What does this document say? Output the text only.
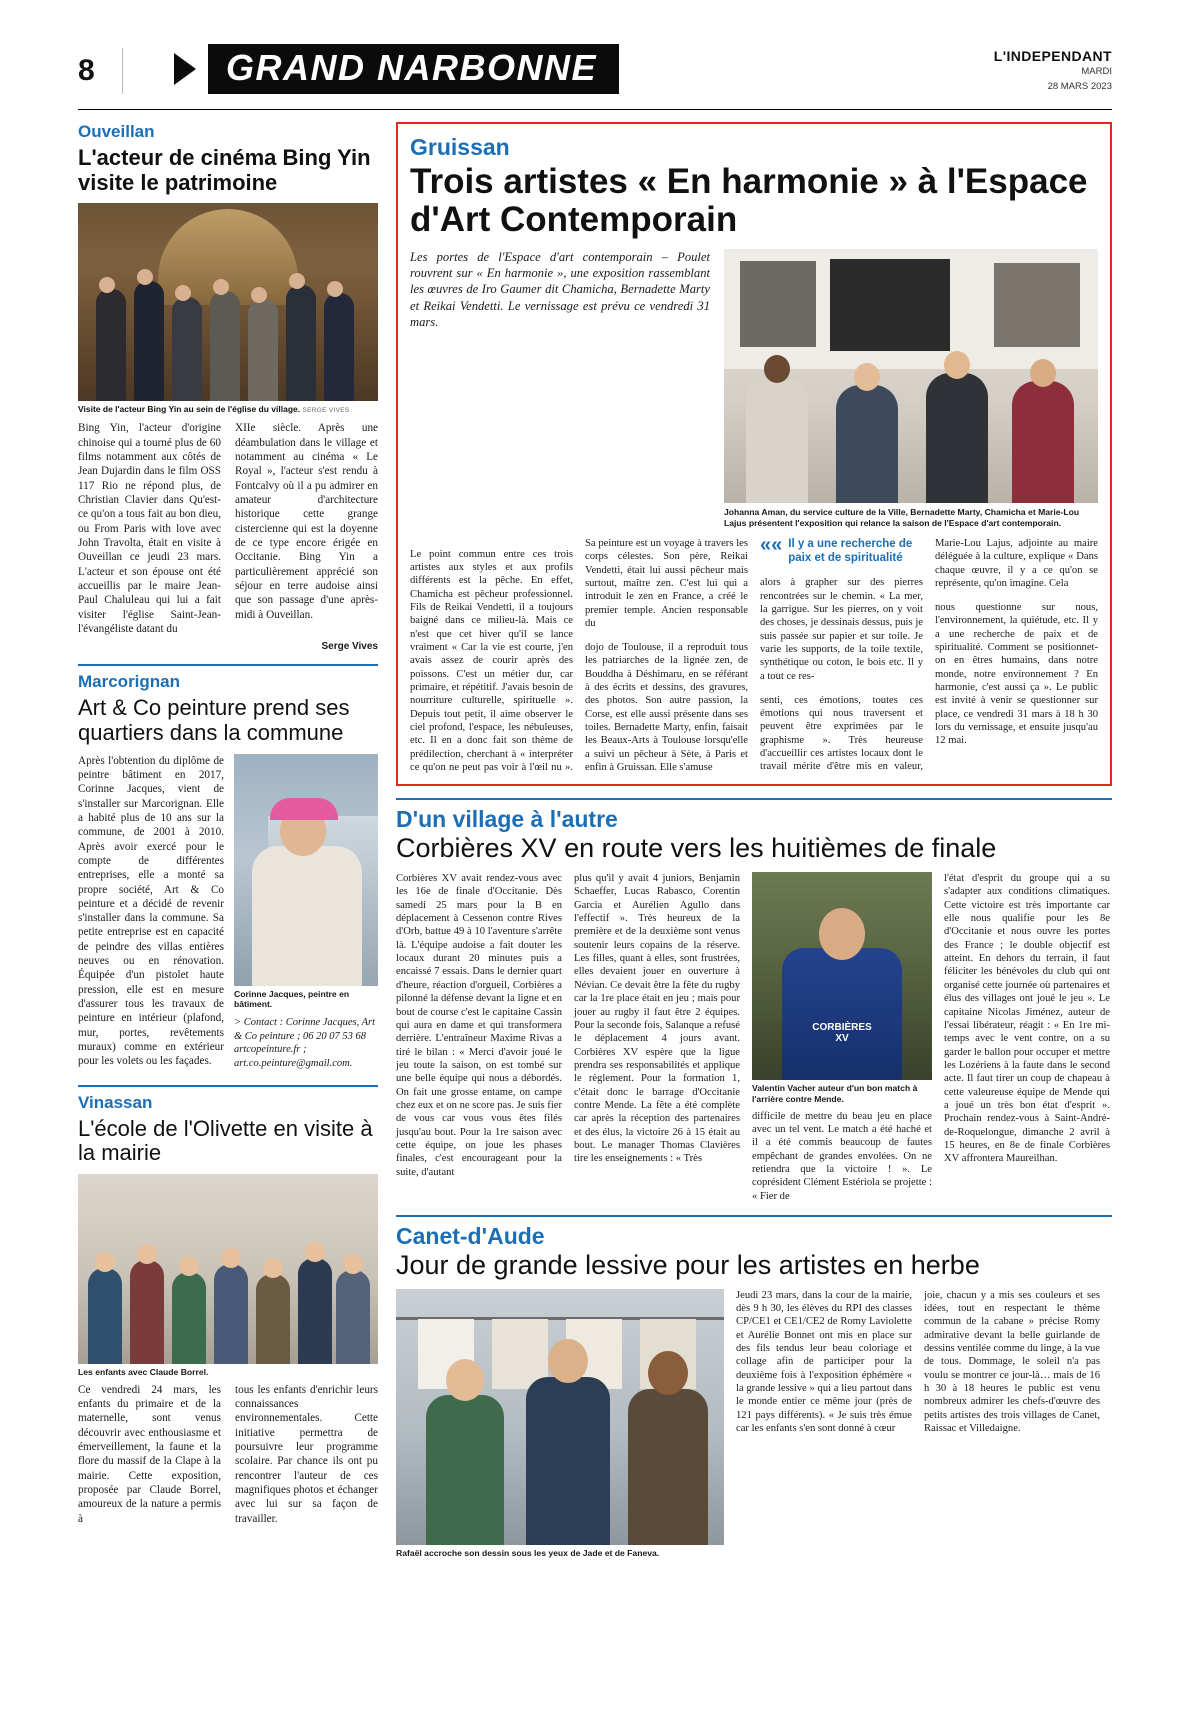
8	GRAND NARBONNE	L'INDEPENDANT
MARDI
28 MARS 2023
Ouveillan
L'acteur de cinéma Bing Yin visite le patrimoine
Visite de l'acteur Bing Yin au sein de l'église du village. SERGE VIVES

Bing Yin, l'acteur d'origine chinoise qui a tourné plus de 60 films notamment aux côtés de Jean Dujardin dans le film OSS 117 Rio ne répond plus, de Christian Clavier dans Qu'est-ce qu'on a tous fait au bon dieu, ou From Paris with love avec John Travolta, était en visite à Ouveillan ce jeudi 23 mars. L'acteur et son épouse ont été accueillis par le maire Jean-Paul Chaluleau qui lui a fait visiter l'église Saint-Jean-l'évangéliste datant du

XIIe siècle. Après une déambulation dans le village et notamment au cinéma « Le Royal », l'acteur s'est rendu à Fontcalvy où il a pu admirer en amateur d'architecture historique cette grange cistercienne qui est la doyenne de ce type encore érigée en Occitanie. Bing Yin a particulièrement apprécié son séjour en terre audoise ainsi que son passage d'une après-midi à Ouveillan.

Serge Vives
Marcorignan
Art & Co peinture prend ses quartiers dans la commune
Après l'obtention du diplôme de peintre bâtiment en 2017, Corinne Jacques, vient de s'installer sur Marcorignan. Elle a habité plus de 10 ans sur la commune, de 2001 à 2010. Après avoir exercé pour le compte de différentes entreprises, elle a monté sa propre société, Art & Co peinture et a décidé de revenir s'installer dans la commune. Sa petite entreprise est en capacité de peindre des villas entières neuves ou en rénovation. Équipée d'un pistolet haute pression, elle est en mesure d'assurer tous les travaux de peinture en intérieur (plafond, mur, portes, revêtements muraux) comme en extérieur pour les volets ou les façades.
Corinne Jacques, peintre en bâtiment.
> Contact : Corinne Jacques, Art & Co peinture ; 06 20 07 53 68 artcopeinture.fr ; art.co.peinture@gmail.com.
Vinassan
L'école de l'Olivette en visite à la mairie
Les enfants avec Claude Borrel.

Ce vendredi 24 mars, les enfants du primaire et de la maternelle, sont venus découvrir avec enthousiasme et émerveillement, la faune et la flore du massif de la Clape à la mairie. Cette exposition, proposée par Claude Borrel, amoureux de la nature a permis à

tous les enfants d'enrichir leurs connaissances environnementales. Cette initiative permettra de poursuivre leur programme scolaire. Par chance ils ont pu rencontrer l'auteur de ces magnifiques photos et échanger avec lui sur sa façon de travailler.

Gruissan
Trois artistes « En harmonie » à l'Espace d'Art Contemporain
Les portes de l'Espace d'art contemporain – Poulet rouvrent sur « En harmonie », une exposition rassemblant les œuvres de Iro Gaumer dit Chamicha, Bernadette Marty et Reikai Vendetti. Le vernissage est prévu ce vendredi 31 mars.
Johanna Aman, du service culture de la Ville, Bernadette Marty, Chamicha et Marie-Lou Lajus présentent l'exposition qui relance la saison de l'Espace d'art contemporain.

Le point commun entre ces trois artistes aux styles et aux profils différents est la pêche. En effet, Chamicha est pêcheur professionnel. Fils de Reikai Vendetti, il a toujours baigné dans ce milieu-là. Mais ce n'est que cet hiver qu'il se lance vraiment « Car la vie est courte, j'en avais assez de courir après des poissons. C'est un métier dur, car primaire, et répétitif. J'avais besoin de nourriture culturelle, spirituelle ». Depuis tout petit, il aime observer le ciel profond, l'espace, les nébuleuses, etc. Il en a donc fait son thème de prédilection, cherchant à « interpréter ce qu'on ne peut pas voir à l'œil nu ». Sa peinture est un voyage à travers les corps célestes. Son père, Reikai Vendetti, était lui aussi pêcheur mais surtout, maître zen. C'est lui qui a introduit le zen en France, a créé le premier temple. Ancien responsable du

dojo de Toulouse, il a reproduit tous les patriarches de la lignée zen, de Bouddha à Déshimaru, en se référant à des écrits et dessins, des gravures, des photos. Son autre passion, la Corse, est elle aussi présente dans ses toiles. Bernadette Marty, enfin, faisait les Beaux-Arts à Toulouse lorsqu'elle a suivi un pêcheur à Sète, à Paris et enfin à Gruissan. Elle s'amuse

«« Il y a une recherche de paix et de spiritualité

alors à grapher sur des pierres rencontrées sur le chemin. « La mer, la garrigue. Sur les pierres, on y voit des choses, je dessinais dessus, puis je suis passée sur papier et sur toile. Je varie les supports, de la toile textile, synthétique ou coton, le bois etc. Il y a tout ce res-

senti, ces émotions, toutes ces émotions qui nous traversent et peuvent être exprimées par le graphisme ». Très heureuse d'accueillir ces artistes locaux dont le travail mérite d'être mis en valeur, Marie-Lou Lajus, adjointe au maire déléguée à la culture, explique « Dans chaque œuvre, il y a ce qu'on se représente, qu'on imagine. Cela

nous questionne sur nous, l'environnement, la quiétude, etc. Il y a une recherche de paix et de spiritualité. Comment se positionnet-on en êtres humains, dans notre monde, notre environnement ? En harmonie, c'est aussi ça ». Le public est invité à venir se questionner sur place, ce vendredi 31 mars à 18 h 30 lors du vernissage, et ensuite jusqu'au 12 mai.

D'un village à l'autre
Corbières XV en route vers les huitièmes de finale
Corbières XV avait rendez-vous avec les 16e de finale d'Occitanie. Dès samedi 25 mars pour la B en déplacement à Cessenon contre Rives d'Orb, battue 49 à 10 l'aventure s'arrête là. L'équipe audoise a fait douter les locaux durant 20 minutes puis a encaissé 7 essais. Dans le dernier quart d'heure, réaction d'orgueil, Corbières a pilonné la défense devant la ligne et en bout de course c'est le capitaine Cassin qui aura en dame et qui transformera derrière. L'entraîneur Maxime Rivas a tiré le bilan : « Merci d'avoir joué le jeu toute la saison, on est tombé sur une belle équipe qui nous a débordés. On fait une grosse entame, on campe chez eux et on ne score pas. Je suis fier de vous car vous vous êtes filés jusqu'au bout. Pour la 1re saison avec cette équipe, on joue les phases finales, c'est encourageant pour la suite, d'autant
plus qu'il y avait 4 juniors, Benjamin Schaeffer, Lucas Rabasco, Corentin Garcia et Aurélien Agullo dans l'effectif ». Très heureux de la première et de la deuxième sont venus soutenir leurs copains de la réserve. Les filles, quant à elles, sont frustrées, elles devaient jouer en ouverture à Névian. Ce devait être la fête du rugby car la 1re place était en jeu ; mais pour jouer au rugby il faut être 2 équipes. Pour la seconde fois, Salanque a refusé le déplacement 4 jours avant. Corbières XV espère que la ligue prendra ses responsabilités et applique le règlement. Pour la formation 1, c'était donc le barrage d'Occitanie contre Mende. La fête a été complète car après la réception des partenaires et des élus, la victoire 26 à 15 était au bout. Le manager Thomas Clavières tire les enseignements : « Très
CORBIÈRES
XV
Valentin Vacher auteur d'un bon match à l'arrière contre Mende.
difficile de mettre du beau jeu en place avec un tel vent. Le match a été haché et il a été commis beaucoup de fautes empêchant de grandes envolées. On ne retiendra que la victoire ! ». Le coprésident Clément Estériola se projette : « Fier de
l'état d'esprit du groupe qui a su s'adapter aux conditions climatiques. Cette victoire est très importante car elle nous qualifie pour les 8e d'Occitanie et nous ouvre les portes des France ; le double objectif est atteint. En dehors du terrain, il faut féliciter les bénévoles du club qui ont organisé cette journée où partenaires et élus des villages ont joué le jeu ». Le capitaine Nicolas Jiménez, auteur de l'essai libérateur, réagit : « En 1re mi-temps avec le vent contre, on a su garder le ballon pour occuper et mettre les Lozériens à la faute dans le second acte. Il faut tirer un coup de chapeau à cette valeureuse équipe de Mende qui a joué un très bon état d'esprit ». Prochain rendez-vous à Saint-André-de-Roquelongue, dimanche 2 avril à 15 heures, en 8e de finale Corbières XV affrontera Maureilhan.
Canet-d'Aude
Jour de grande lessive pour les artistes en herbe
Rafaël accroche son dessin sous les yeux de Jade et de Faneva.
Jeudi 23 mars, dans la cour de la mairie, dès 9 h 30, les élèves du RPI des classes CP/CE1 et CE1/CE2 de Romy Laviolette et Aurélie Bonnet ont mis en place sur des fils tendus leur beau coloriage et collage afin de participer pour la deuxième fois à l'exposition éphémère « la grande lessive » qui a lieu partout dans le monde entier ce même jour (près de 121 pays différents). « Je suis très émue car les enfants s'en sont donné à cœur
joie, chacun y a mis ses couleurs et ses idées, tout en respectant le thème commun de la cabane » précise Romy admirative devant la belle guirlande de dessins ventilée comme du linge, à la vue de tous. Dommage, le soleil n'a pas voulu se montrer ce jour-là… mais de 16 h 30 à 18 heures le public est venu nombreux admirer les chefs-d'œuvre des petits artistes des trois villages de Canet, Raissac et Villedaigne.
